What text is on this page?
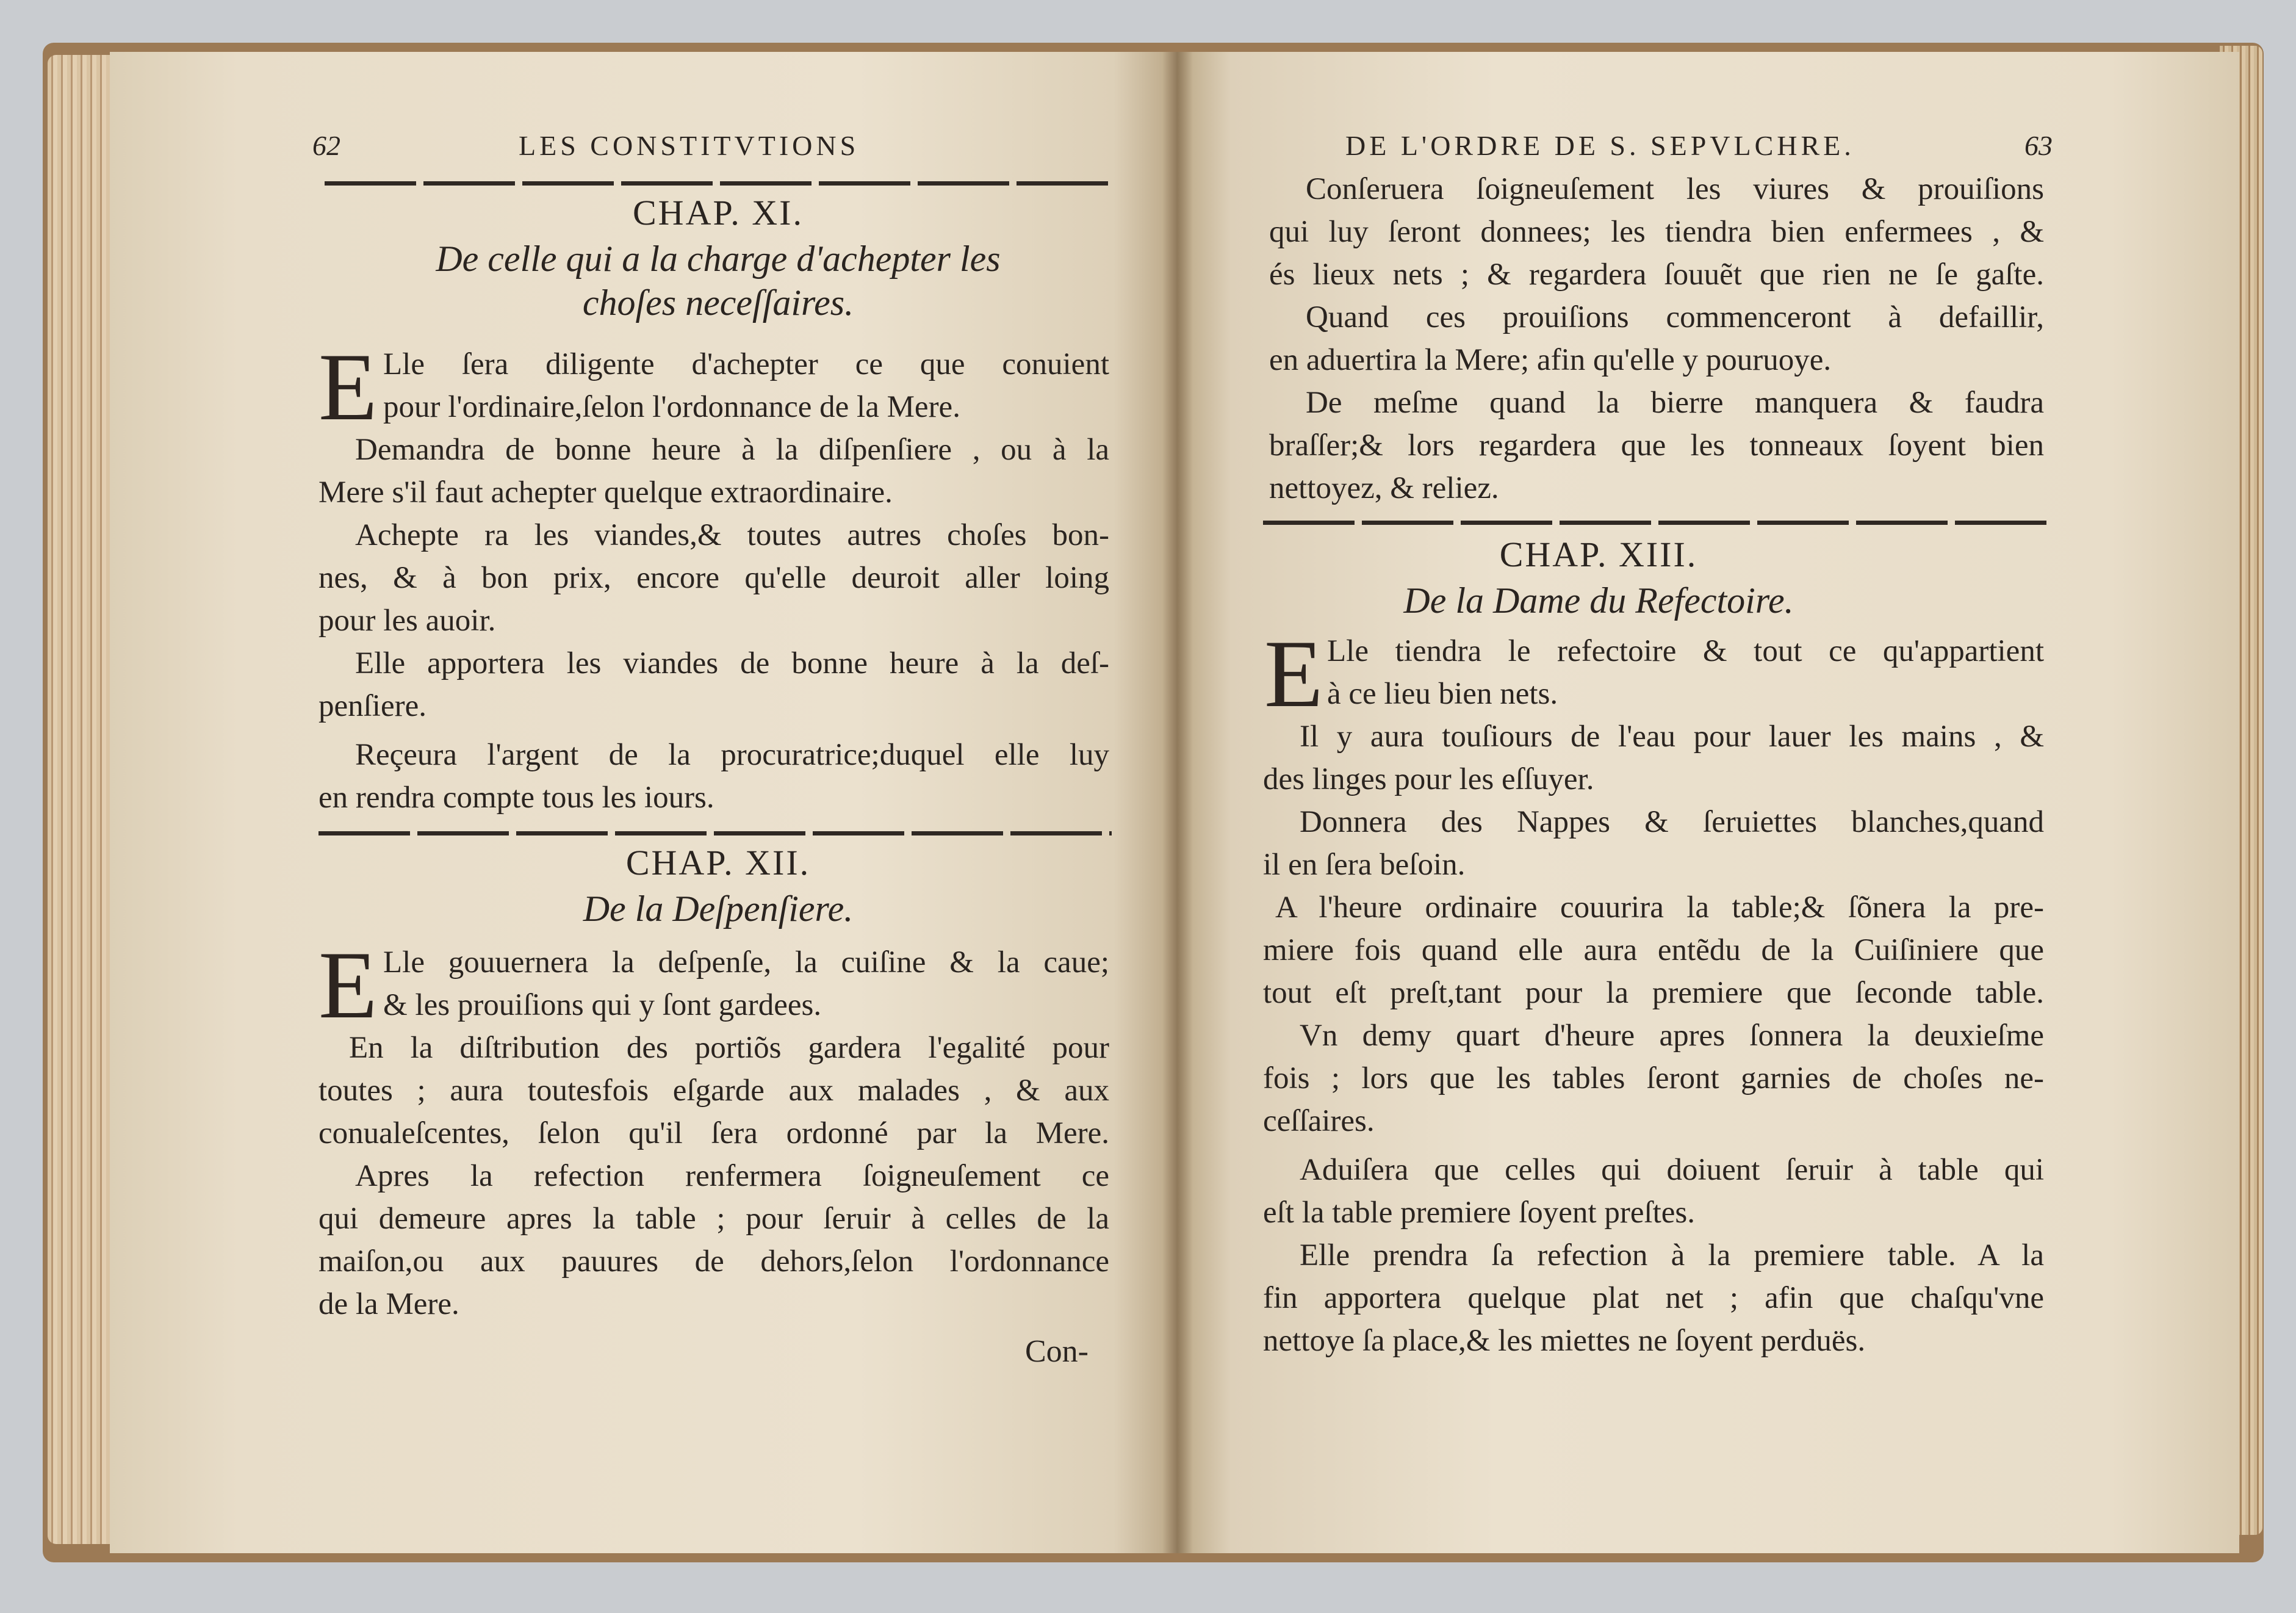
62	LES CONSTITVTIONS
CHAP. XI.
De celle qui a la charge d'achepter les
choſes neceſſaires.
E Lle ſera diligente d'achepter ce que conuient
pour l'ordinaire,ſelon l'ordonnance de la Mere.
Demandra de bonne heure à la diſpenſiere , ou à la
Mere s'il faut achepter quelque extraordinaire.
Achepte ra les viandes,& toutes autres choſes bon-
nes, & à bon prix, encore qu'elle deuroit aller loing
pour les auoir.
Elle apportera les viandes de bonne heure à la deſ-
penſiere.
Reçeura l'argent de la procuratrice;duquel elle luy
en rendra compte tous les iours.
CHAP. XII.
De la Deſpenſiere.
E Lle gouuernera la deſpenſe, la cuiſine & la caue;
& les prouiſions qui y ſont gardees.
En la diſtribution des portiõs gardera l'egalité pour
toutes ; aura toutesfois eſgarde aux malades , & aux
conualeſcentes, ſelon qu'il ſera ordonné par la Mere.
Apres la refection renfermera ſoigneuſement ce
qui demeure apres la table ; pour ſeruir à celles de la
maiſon,ou aux pauures de dehors,ſelon l'ordonnance
de la Mere.
Con-
DE L'ORDRE DE S. SEPVLCHRE.	63
Conſeruera ſoigneuſement les viures & prouiſions
qui luy ſeront donnees; les tiendra bien enfermees , &
és lieux nets ; & regardera ſouuẽt que rien ne ſe gaſte.
Quand ces prouiſions commenceront à defaillir,
en aduertira la Mere; afin qu'elle y pouruoye.
De meſme quand la bierre manquera & faudra
braſſer;& lors regardera que les tonneaux ſoyent bien
nettoyez, & reliez.
CHAP. XIII.
De la Dame du Refectoire.
E Lle tiendra le refectoire & tout ce qu'appartient
à ce lieu bien nets.
Il y aura touſiours de l'eau pour lauer les mains , &
des linges pour les eſſuyer.
Donnera des Nappes & ſeruiettes blanches,quand
il en ſera beſoin.
A l'heure ordinaire couurira la table;& ſõnera la pre-
miere fois quand elle aura entẽdu de la Cuiſiniere que
tout eſt preſt,tant pour la premiere que ſeconde table.
Vn demy quart d'heure apres ſonnera la deuxieſme
fois ; lors que les tables ſeront garnies de choſes ne-
ceſſaires.
Aduiſera que celles qui doiuent ſeruir à table qui
eſt la table premiere ſoyent preſtes.
Elle prendra ſa refection à la premiere table. A la
fin apportera quelque plat net ; afin que chaſqu'vne
nettoye ſa place,& les miettes ne ſoyent perduës.
